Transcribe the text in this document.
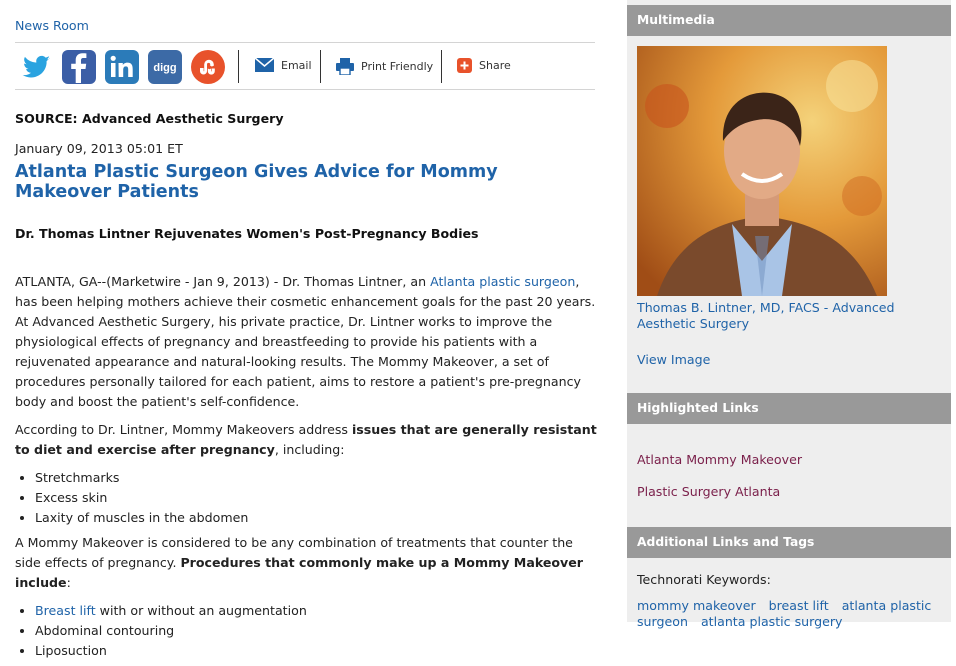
News Room
digg	Email	Print Friendly	Share
SOURCE: Advanced Aesthetic Surgery
January 09, 2013 05:01 ET
Atlanta Plastic Surgeon Gives Advice for Mommy Makeover Patients
Dr. Thomas Lintner Rejuvenates Women's Post-Pregnancy Bodies

ATLANTA, GA--(Marketwire - Jan 9, 2013) - Dr. Thomas Lintner, an Atlanta plastic surgeon, has been helping mothers achieve their cosmetic enhancement goals for the past 20 years. At Advanced Aesthetic Surgery, his private practice, Dr. Lintner works to improve the physiological effects of pregnancy and breastfeeding to provide his patients with a rejuvenated appearance and natural-looking results. The Mommy Makeover, a set of procedures personally tailored for each patient, aims to restore a patient's pre-pregnancy body and boost the patient's self-confidence.

According to Dr. Lintner, Mommy Makeovers address issues that are generally resistant to diet and exercise after pregnancy, including:

• Stretchmarks
• Excess skin
• Laxity of muscles in the abdomen

A Mommy Makeover is considered to be any combination of treatments that counter the side effects of pregnancy. Procedures that commonly make up a Mommy Makeover include:

• Breast lift with or without an augmentation
• Abdominal contouring
• Liposuction
Multimedia
Thomas B. Lintner, MD, FACS - Advanced Aesthetic Surgery
View Image
Highlighted Links
Atlanta Mommy Makeover
Plastic Surgery Atlanta
Additional Links and Tags
Technorati Keywords:
mommy makeover breast lift atlanta plastic surgeon atlanta plastic surgery
